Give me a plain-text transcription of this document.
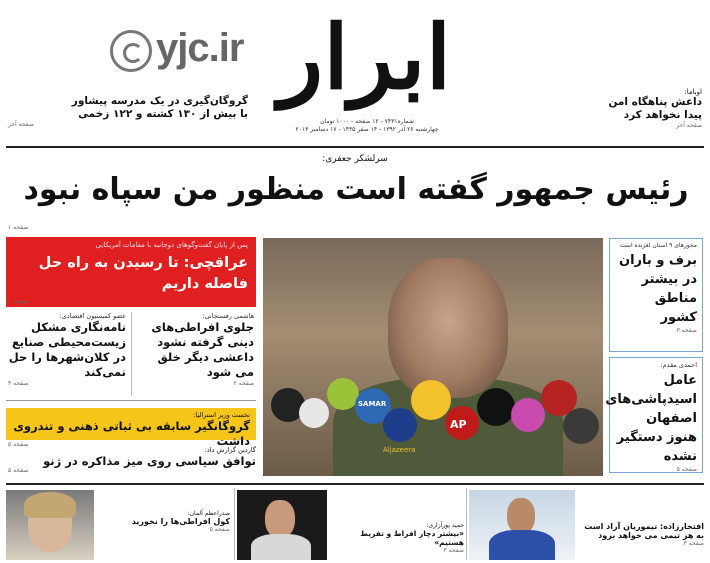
yjc.ir ابرار
شماره۷۴۳۱ - ۱۲ صفحه - ۱۰۰۰ تومان
چهارشنبه ۲۶ آذر ۱۳۹۲ - ۱۴ صفر ۱۴۳۵ - ۱۷ دسامبر ۲۰۱۳
گروگان‌گیری در یک مدرسه پیشاور
با بیش از ۱۳۰ کشته و ۱۲۲ زخمی
صفحه آخر
اوباما:
داعش پناهگاه امن
پیدا نخواهد کرد
صفحه آخر
سرلشکر جعفری:
رئیس جمهور گفته است منظور من سپاه نبود
صفحه ۱
پس از پایان گفت‌وگوهای دوجانبه با مقامات آمریکایی
عراقچی: تا رسیدن به راه حل فاصله داریم
صفحه ۱
هاشمی رفسنجانی:
جلوی افراطی‌های دینی گرفته نشود داعشی دیگر خلق می شود
صفحه ۲
عضو کمیسیون اقتصادی:
نامه‌نگاری مشکل زیست‌محیطی صنایع در کلان‌شهرها را حل نمی‌کند
صفحه ۴
نخست وزیر استرالیا:
گروگانگیر سابقه بی ثباتی ذهنی و تندروی داشت
صفحه ۵
گاردین گزارش داد:
توافق سیاسی روی میز مذاکره در ژنو
صفحه ۵
SAMAR
AP
Aljazeera
محورهای ۹ استان لغزنده است
برف و باران در بیشتر مناطق کشور
صفحه ۳
احمدی مقدم:
عامل اسیدپاشی‌های اصفهان هنوز دستگیر نشده
صفحه ۵
صدراعظم آلمان:
کول افراطی‌ها را نخورید
صفحه ۵
حمید پورآزاری:
«بیشتر دچار افراط و تفریط هستیم»
صفحه ۳
افتخارزاده: تیموریان آزاد است
به هر تیمی می خواهد برود
صفحه ۳
